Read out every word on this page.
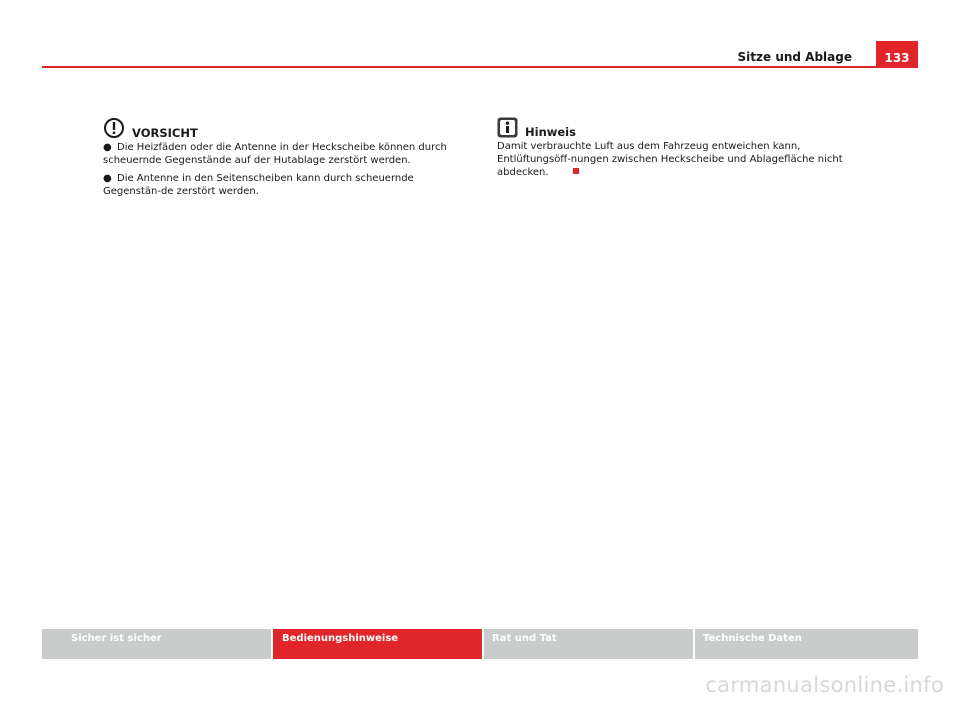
Sitze und Ablage	133
VORSICHT

● Die Heizfäden oder die Antenne in der Heckscheibe können durch scheuernde Gegenstände auf der Hutablage zerstört werden.

● Die Antenne in den Seitenscheiben kann durch scheuernde Gegenstän-de zerstört werden.

Hinweis

Damit verbrauchte Luft aus dem Fahrzeug entweichen kann, Entlüftungsöff-nungen zwischen Heckscheibe und Ablagefläche nicht abdecken.

Sicher ist sicher	Bedienungshinweise	Rat und Tat	Technische Daten
carmanualsonline.info
